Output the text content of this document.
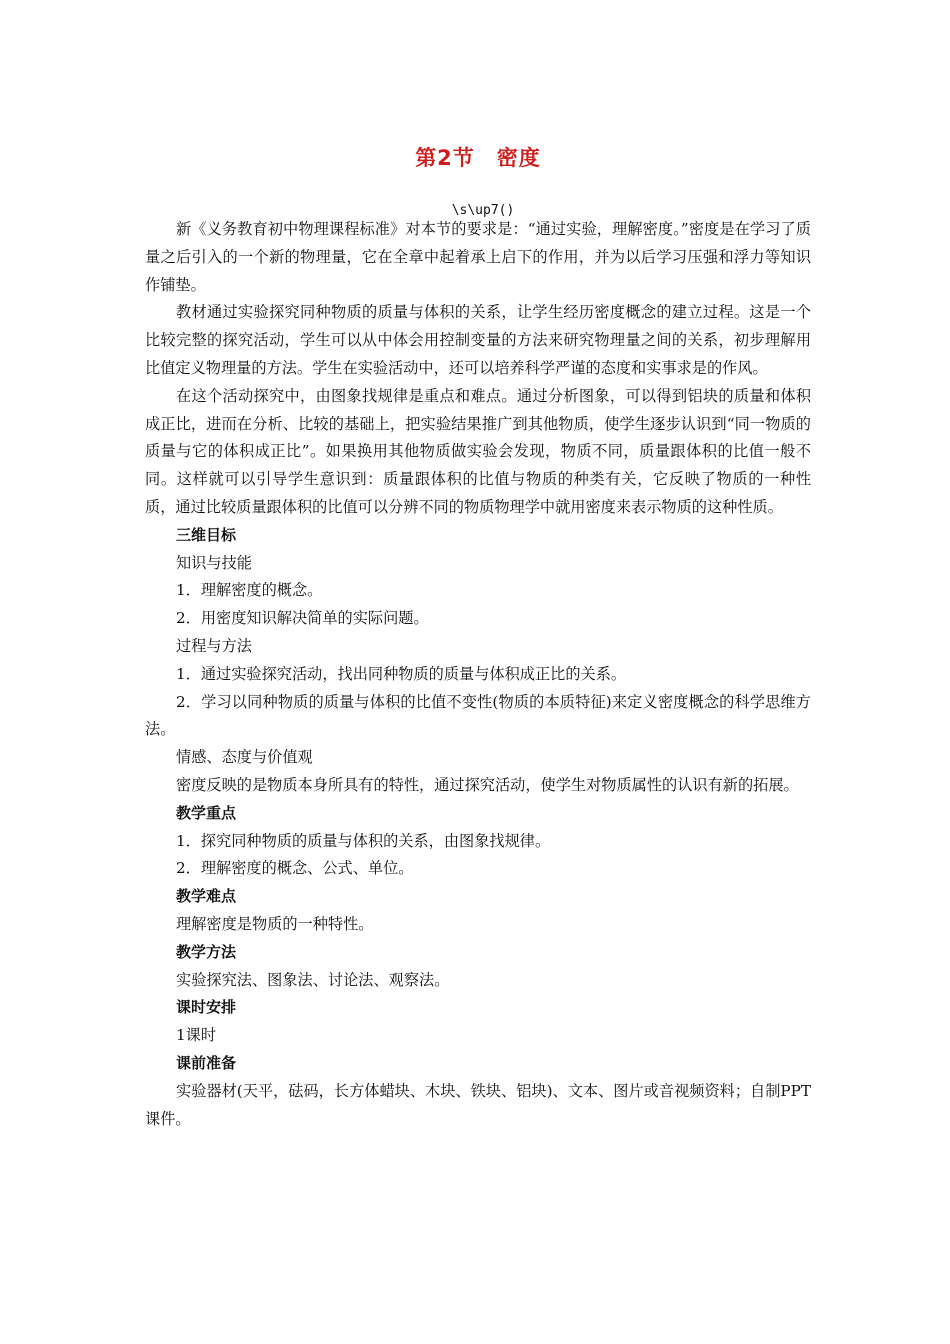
第2节　密度
\s\up7()

新《义务教育初中物理课程标准》对本节的要求是：“通过实验，理解密度。”密度是在学习了质量之后引入的一个新的物理量，它在全章中起着承上启下的作用，并为以后学习压强和浮力等知识作铺垫。

教材通过实验探究同种物质的质量与体积的关系，让学生经历密度概念的建立过程。这是一个比较完整的探究活动，学生可以从中体会用控制变量的方法来研究物理量之间的关系，初步理解用比值定义物理量的方法。学生在实验活动中，还可以培养科学严谨的态度和实事求是的作风。

在这个活动探究中，由图象找规律是重点和难点。通过分析图象，可以得到铝块的质量和体积成正比，进而在分析、比较的基础上，把实验结果推广到其他物质，使学生逐步认识到“同一物质的质量与它的体积成正比”。如果换用其他物质做实验会发现，物质不同，质量跟体积的比值一般不同。这样就可以引导学生意识到：质量跟体积的比值与物质的种类有关，它反映了物质的一种性质，通过比较质量跟体积的比值可以分辨不同的物质物理学中就用密度来表示物质的这种性质。

三维目标
知识与技能
1．理解密度的概念。
2．用密度知识解决简单的实际问题。
过程与方法
1．通过实验探究活动，找出同种物质的质量与体积成正比的关系。

2．学习以同种物质的质量与体积的比值不变性(物质的本质特征)来定义密度概念的科学思维方法。

情感、态度与价值观

密度反映的是物质本身所具有的特性，通过探究活动，使学生对物质属性的认识有新的拓展。

教学重点
1．探究同种物质的质量与体积的关系，由图象找规律。
2．理解密度的概念、公式、单位。
教学难点
理解密度是物质的一种特性。
教学方法
实验探究法、图象法、讨论法、观察法。
课时安排
1课时
课前准备

实验器材(天平，砝码，长方体蜡块、木块、铁块、铝块)、文本、图片或音视频资料；自制PPT课件。
